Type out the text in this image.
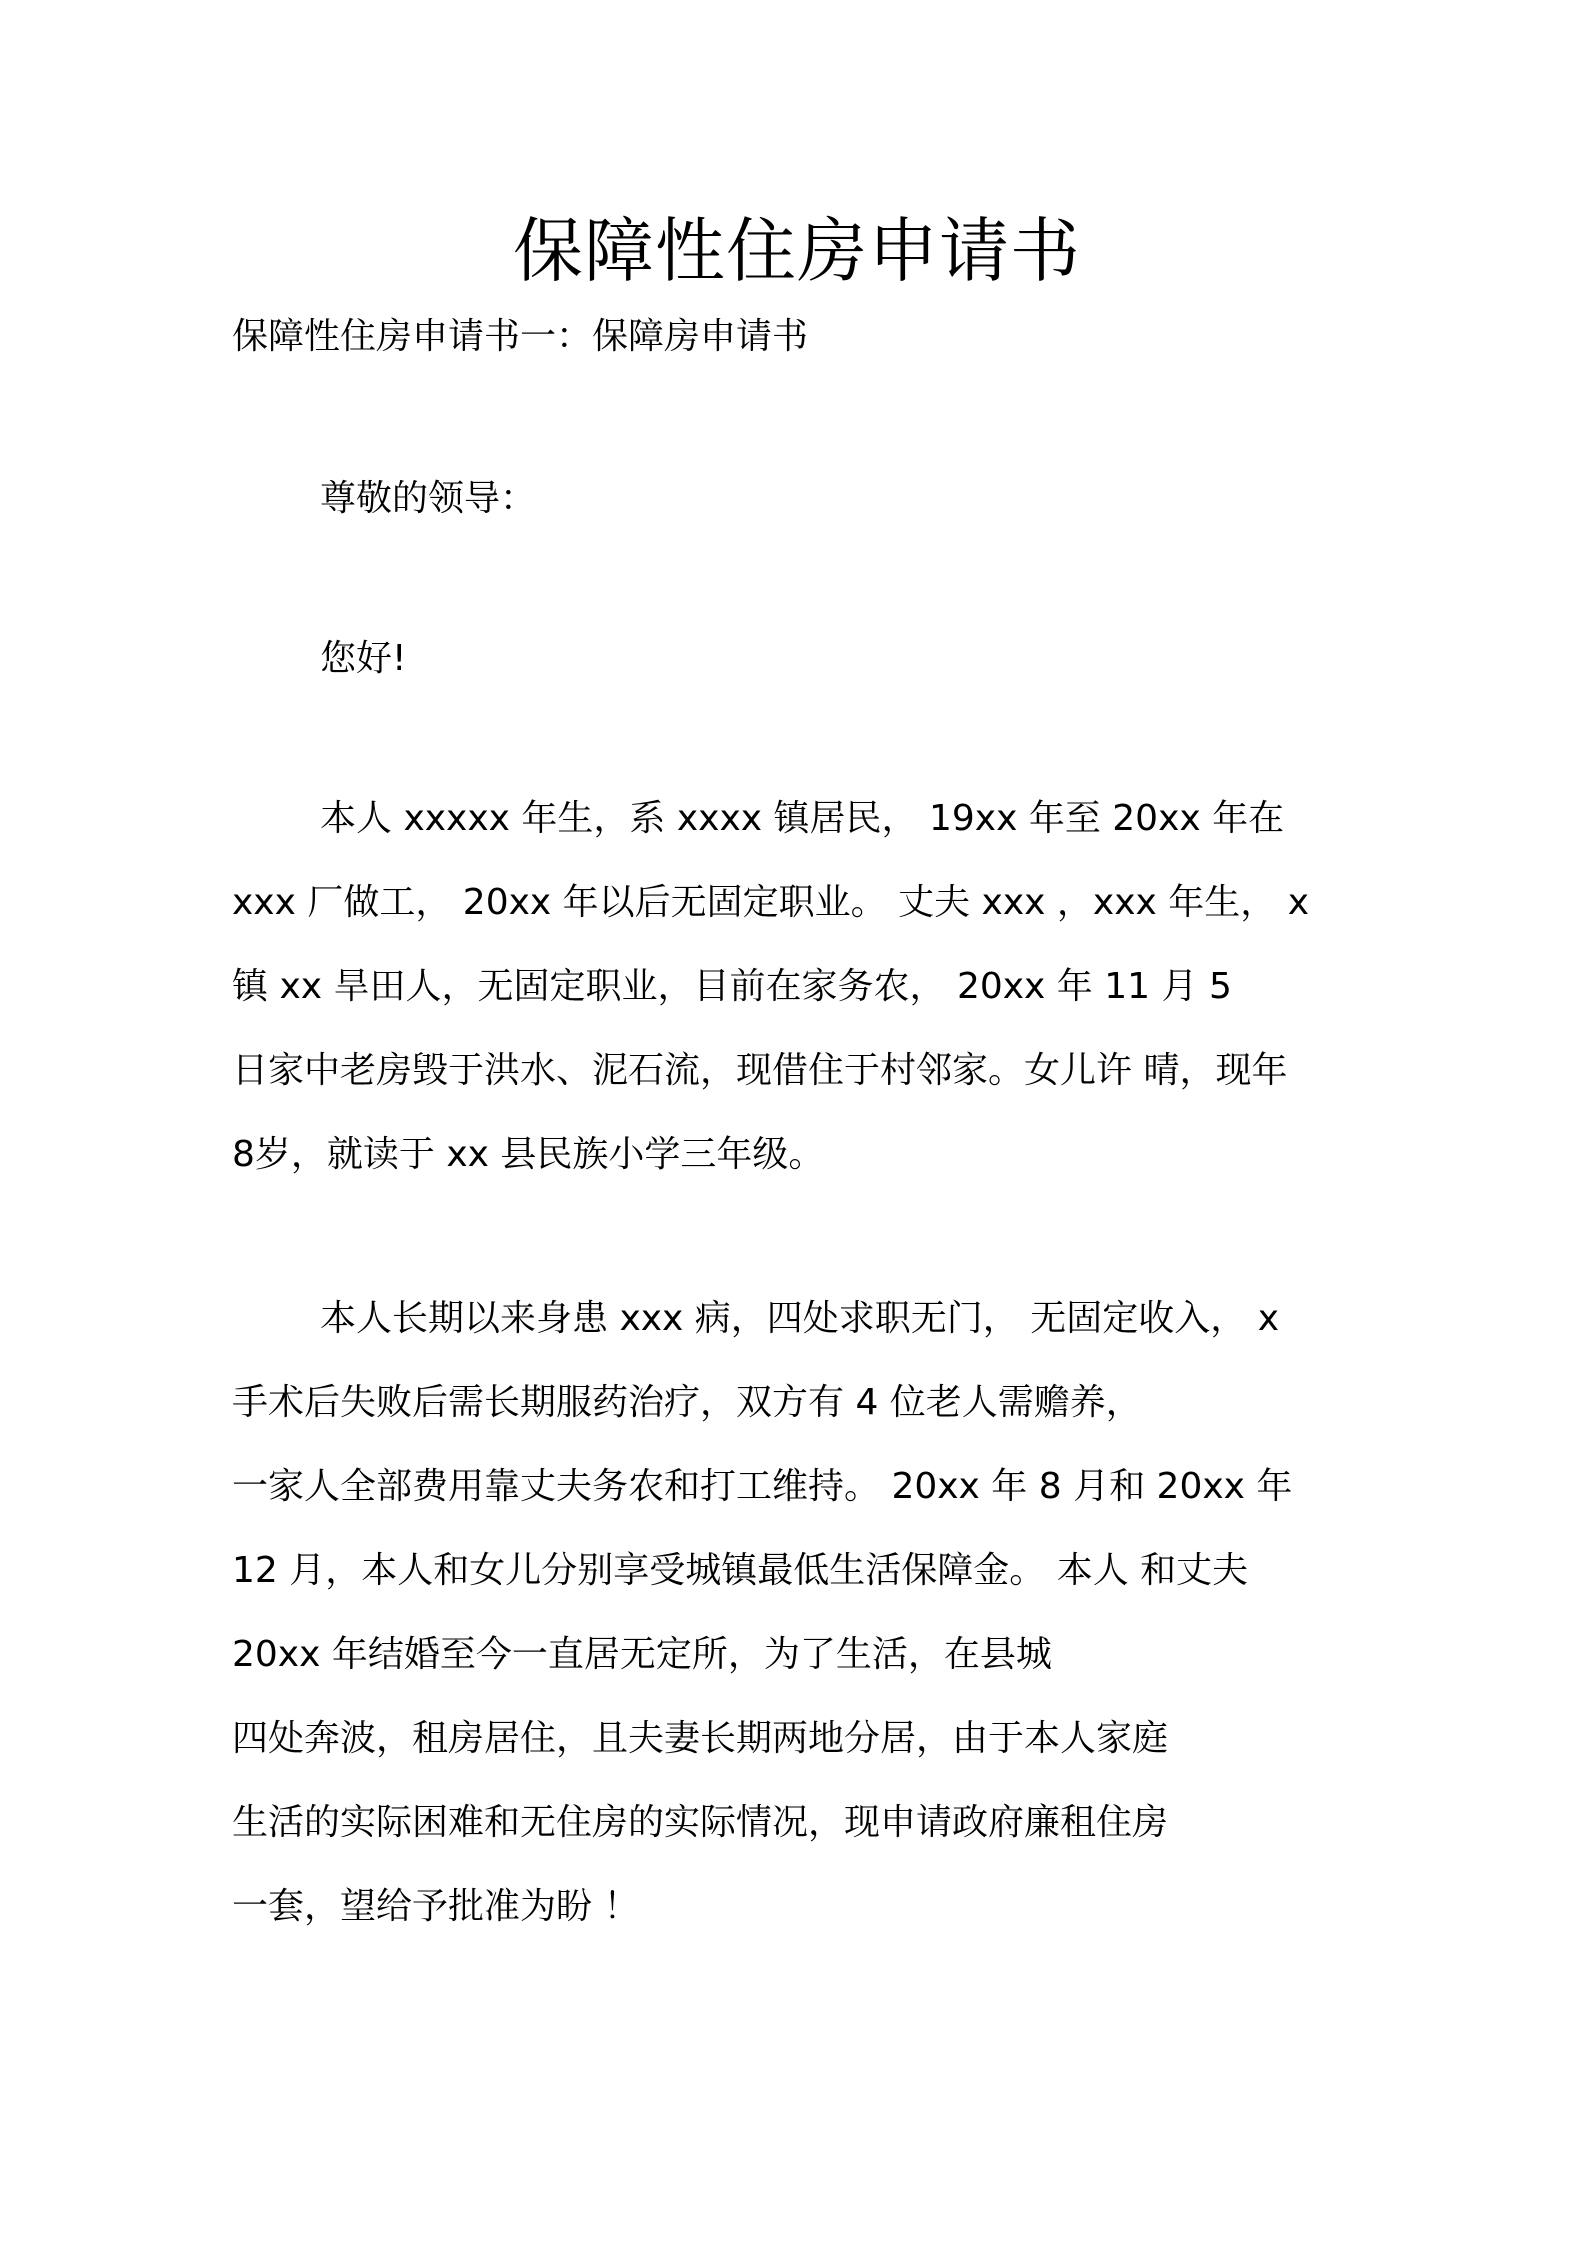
保障性住房申请书

保障性住房申请书一：保障房申请书

尊敬的领导：

您好!

本人 xxxxx 年生，系 xxxx 镇居民， 19xx 年至 20xx 年在

xxx 厂做工， 20xx 年以后无固定职业。 丈夫 xxx ，xxx 年生， x

镇 xx 旱田人，无固定职业，目前在家务农， 20xx 年 11 月 5

日家中老房毁于洪水、泥石流，现借住于村邻家。女儿许 晴，现年

8岁，就读于 xx 县民族小学三年级。

本人长期以来身患 xxx 病，四处求职无门， 无固定收入， x

手术后失败后需长期服药治疗，双方有 4 位老人需赡养，

一家人全部费用靠丈夫务农和打工维持。 20xx 年 8 月和 20xx 年

12 月，本人和女儿分别享受城镇最低生活保障金。 本人 和丈夫

20xx 年结婚至今一直居无定所，为了生活，在县城

四处奔波，租房居住，且夫妻长期两地分居，由于本人家庭

生活的实际困难和无住房的实际情况，现申请政府廉租住房

一套，望给予批准为盼 ！
